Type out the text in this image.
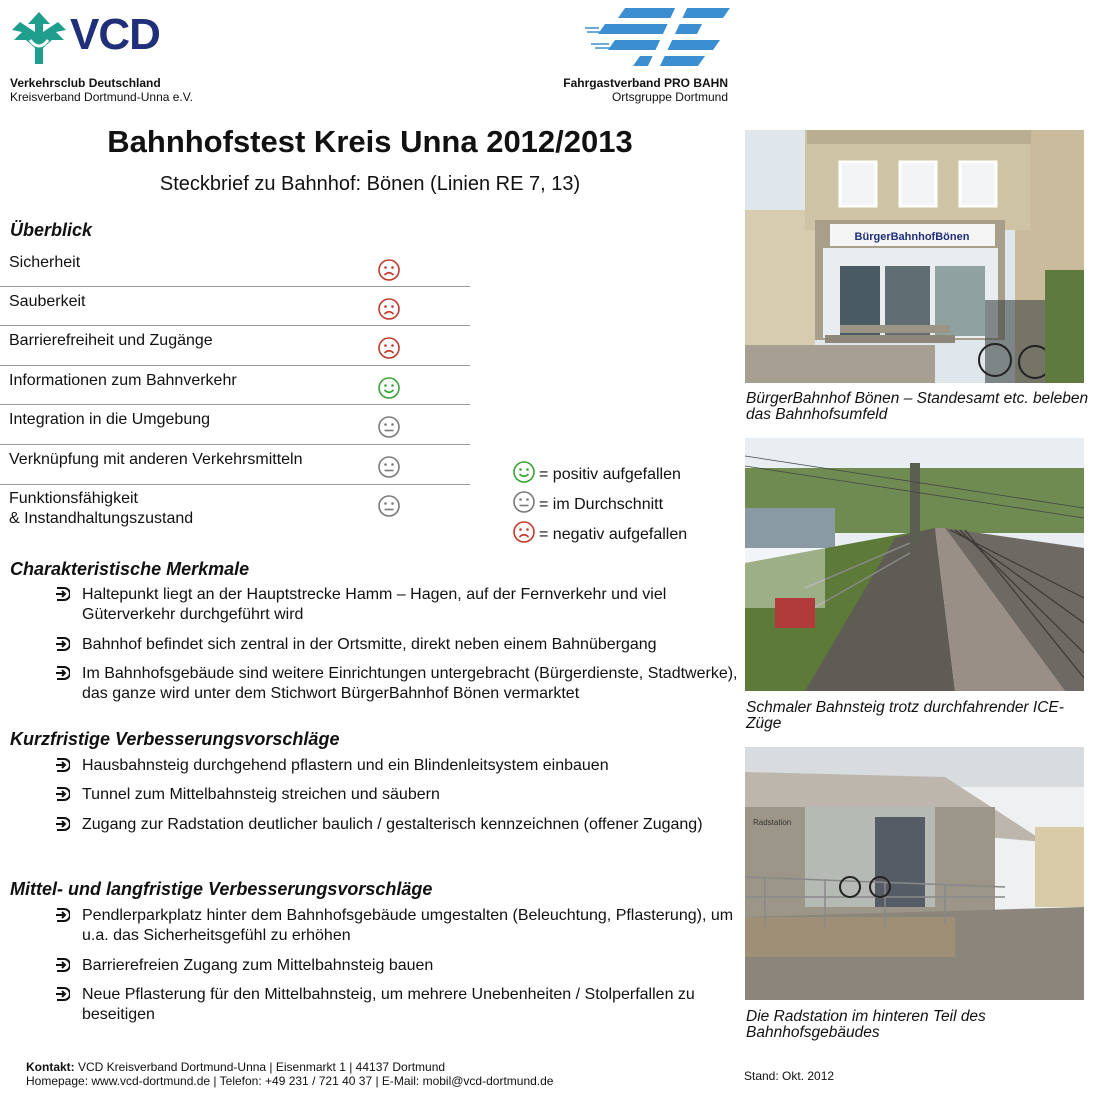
VCD
Verkehrsclub Deutschland
Kreisverband Dortmund-Unna e.V.
Fahrgastverband PRO BAHN
Ortsgruppe Dortmund
Bahnhofstest Kreis Unna 2012/2013
Steckbrief zu Bahnhof: Bönen (Linien RE 7, 13)
Überblick
Sicherheit
Sauberkeit
Barrierefreiheit und Zugänge
Informationen zum Bahnverkehr
Integration in die Umgebung
Verknüpfung mit anderen Verkehrsmitteln
Funktionsfähigkeit
& Instandhaltungszustand
= positiv aufgefallen
= im Durchschnitt
= negativ aufgefallen
Charakteristische Merkmale
Haltepunkt liegt an der Hauptstrecke Hamm – Hagen, auf der Fernverkehr und viel Güterverkehr durchgeführt wird
Bahnhof befindet sich zentral in der Ortsmitte, direkt neben einem Bahnübergang
Im Bahnhofsgebäude sind weitere Einrichtungen untergebracht (Bürgerdienste, Stadtwerke), das ganze wird unter dem Stichwort BürgerBahnhof Bönen vermarktet
Kurzfristige Verbesserungsvorschläge
Hausbahnsteig durchgehend pflastern und ein Blindenleitsystem einbauen
Tunnel zum Mittelbahnsteig streichen und säubern
Zugang zur Radstation deutlicher baulich / gestalterisch kennzeichnen (offener Zugang)
Mittel- und langfristige Verbesserungsvorschläge
Pendlerparkplatz hinter dem Bahnhofsgebäude umgestalten (Beleuchtung, Pflasterung), um u.a. das Sicherheitsgefühl zu erhöhen
Barrierefreien Zugang zum Mittelbahnsteig bauen
Neue Pflasterung für den Mittelbahnsteig, um mehrere Unebenheiten / Stolperfallen zu beseitigen
BürgerBahnhofBönen
BürgerBahnhof Bönen – Standesamt etc. beleben das Bahnhofsumfeld
Schmaler Bahnsteig trotz durchfahrender ICE-Züge
Radstation
Die Radstation im hinteren Teil des Bahnhofsgebäudes
Kontakt: VCD Kreisverband Dortmund-Unna | Eisenmarkt 1 | 44137 Dortmund
Homepage: www.vcd-dortmund.de | Telefon: +49 231 / 721 40 37 | E-Mail: mobil@vcd-dortmund.de	Stand: Okt. 2012
